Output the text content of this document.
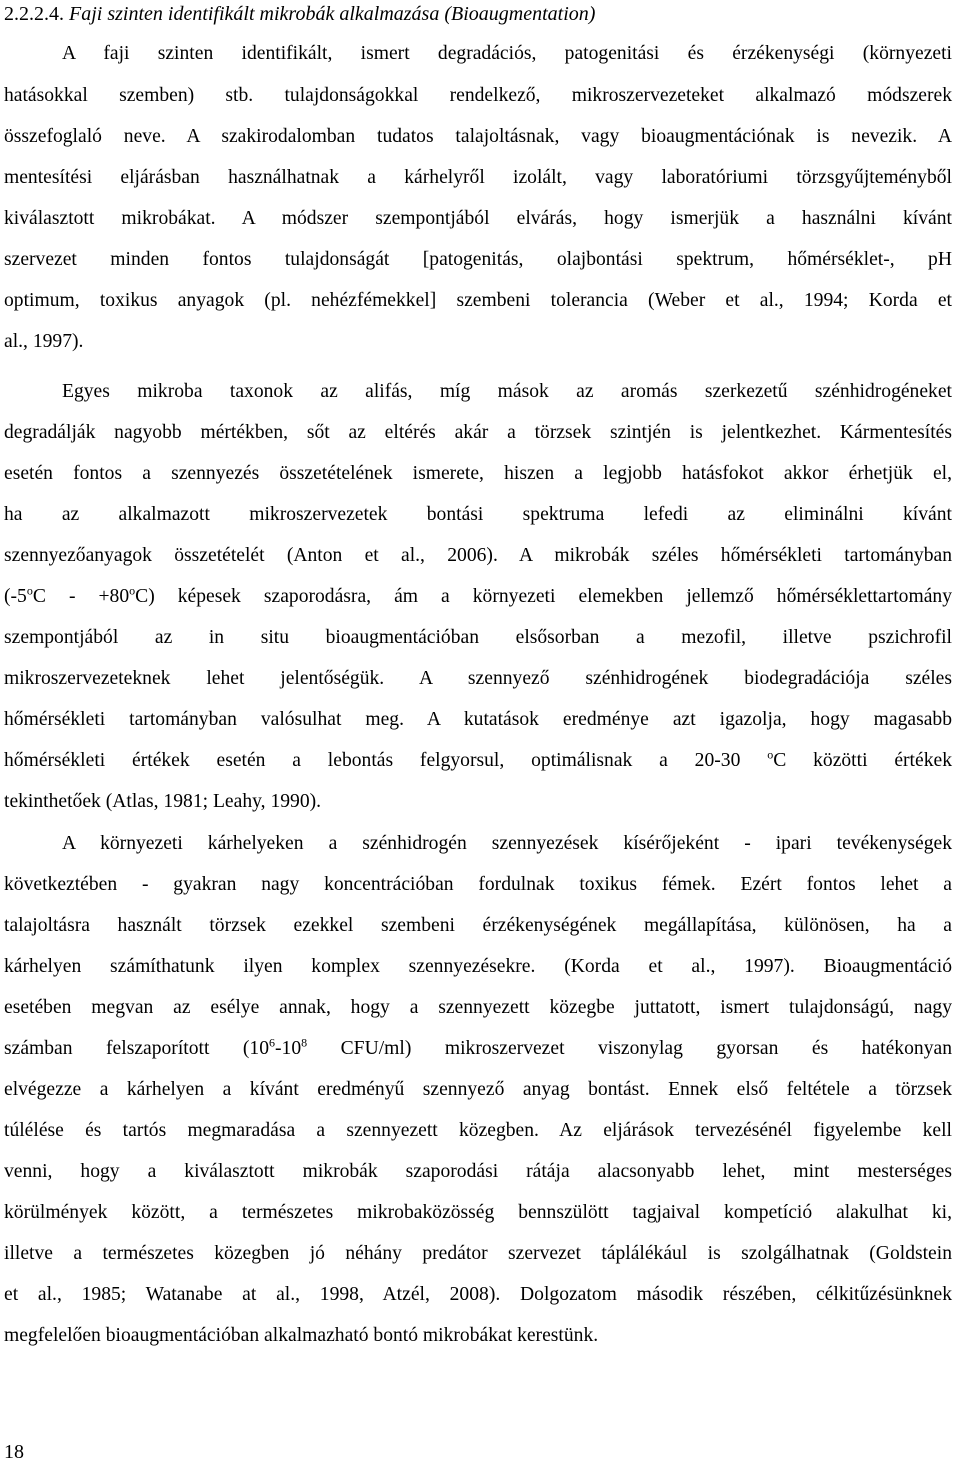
2.2.2.4. Faji szinten identifikált mikrobák alkalmazása (Bioaugmentation)
A faji szinten identifikált, ismert degradációs, patogenitási és érzékenységi (környezeti
hatásokkal szemben) stb. tulajdonságokkal rendelkező, mikroszervezeteket alkalmazó módszerek
összefoglaló neve. A szakirodalomban tudatos talajoltásnak, vagy bioaugmentációnak is nevezik. A
mentesítési eljárásban használhatnak a kárhelyről izolált, vagy laboratóriumi törzsgyűjteményből
kiválasztott mikrobákat. A módszer szempontjából elvárás, hogy ismerjük a használni kívánt
szervezet minden fontos tulajdonságát [patogenitás, olajbontási spektrum, hőmérséklet-, pH
optimum, toxikus anyagok (pl. nehézfémekkel] szembeni tolerancia (Weber et al., 1994; Korda et
al., 1997).
Egyes mikroba taxonok az alifás, míg mások az aromás szerkezetű szénhidrogéneket
degradálják nagyobb mértékben, sőt az eltérés akár a törzsek szintjén is jelentkezhet. Kármentesítés
esetén fontos a szennyezés összetételének ismerete, hiszen a legjobb hatásfokot akkor érhetjük el,
ha az alkalmazott mikroszervezetek bontási spektruma lefedi az eliminálni kívánt
szennyezőanyagok összetételét (Anton et al., 2006). A mikrobák széles hőmérsékleti tartományban
$(-5^oC - +80^oC)$ képesek szaporodásra, ám a környezeti elemekben jellemző hőmérséklettartomány
szempontjából az in situ bioaugmentációban elsősorban a mezofil, illetve pszichrofil
mikroszervezeteknek lehet jelentőségük. A szennyező szénhidrogének biodegradációja széles
hőmérsékleti tartományban valósulhat meg. A kutatások eredménye azt igazolja, hogy magasabb
hőmérsékleti értékek esetén a lebontás felgyorsul, optimálisnak a 20-30 $^o$C közötti értékek
tekinthetőek (Atlas, 1981; Leahy, 1990).
A környezeti kárhelyeken a szénhidrogén szennyezések kísérőjeként - ipari tevékenységek
következtében - gyakran nagy koncentrációban fordulnak toxikus fémek. Ezért fontos lehet a
talajoltásra használt törzsek ezekkel szembeni érzékenységének megállapítása, különösen, ha a
kárhelyen számíthatunk ilyen komplex szennyezésekre. (Korda et al., 1997). Bioaugmentáció
esetében megvan az esélye annak, hogy a szennyezett közegbe juttatott, ismert tulajdonságú, nagy
számban felszaporított ($10^6-10^8$ CFU/ml) mikroszervezet viszonylag gyorsan és hatékonyan
elvégezze a kárhelyen a kívánt eredményű szennyező anyag bontást. Ennek első feltétele a törzsek
túlélése és tartós megmaradása a szennyezett közegben. Az eljárások tervezésénél figyelembe kell
venni, hogy a kiválasztott mikrobák szaporodási rátája alacsonyabb lehet, mint mesterséges
körülmények között, a természetes mikrobaközösség bennszülött tagjaival kompetíció alakulhat ki,
illetve a természetes közegben jó néhány predátor szervezet táplálékául is szolgálhatnak (Goldstein
et al., 1985; Watanabe at al., 1998, Atzél, 2008). Dolgozatom második részében, célkitűzésünknek
megfelelően bioaugmentációban alkalmazható bontó mikrobákat kerestünk.
18
